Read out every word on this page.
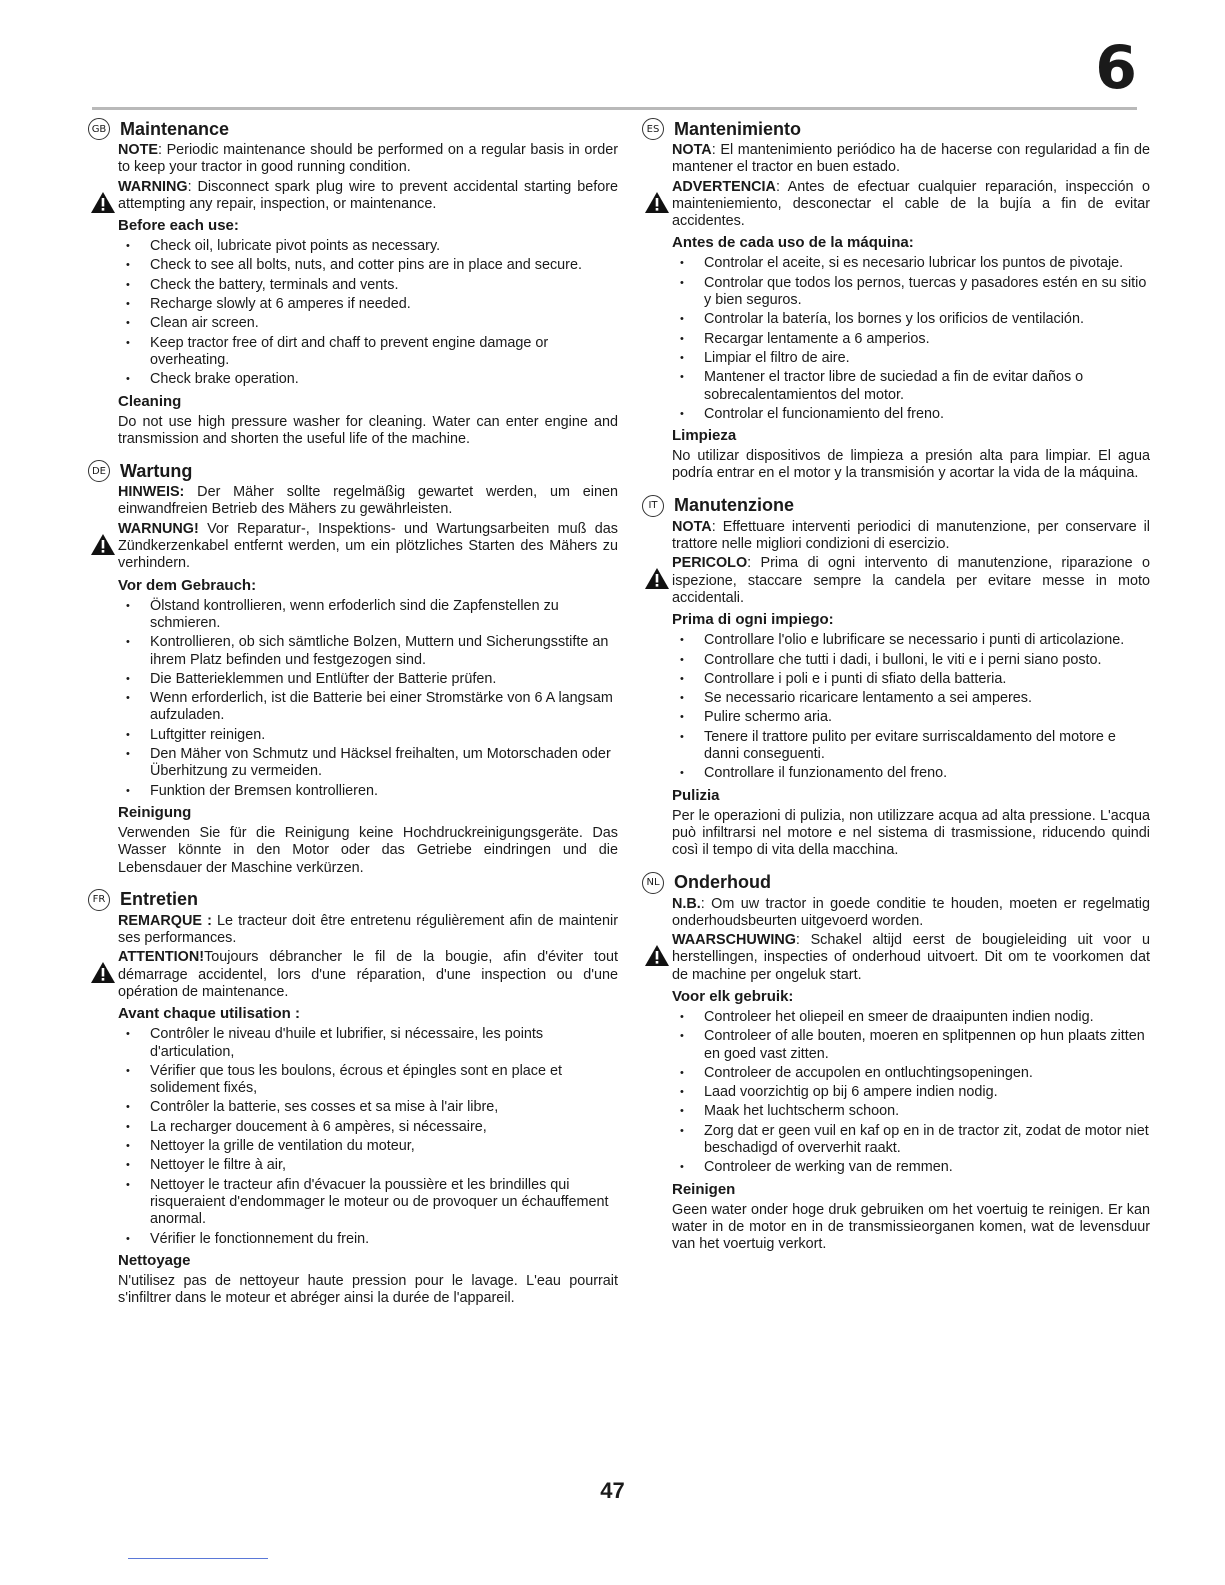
6
GB Maintenance

NOTE: Periodic maintenance should be performed on a regular basis in order to keep your tractor in good running condition.

WARNING: Disconnect spark plug wire to prevent accidental starting before attempting any repair, inspection, or maintenance.

Before each use:
• Check oil, lubricate pivot points as necessary.
• Check to see all bolts, nuts, and cotter pins are in place and secure.
• Check the battery, terminals and vents.
• Recharge slowly at 6 amperes if needed.
• Clean air screen.
• Keep tractor free of dirt and chaff to prevent engine damage or overheating.
• Check brake operation.
Cleaning

Do not use high pressure washer for cleaning. Water can enter engine and transmission and shorten the useful life of the machine.

DE Wartung

HINWEIS: Der Mäher sollte regelmäßig gewartet werden, um einen einwandfreien Betrieb des Mähers zu gewährleisten.

WARNUNG! Vor Reparatur-, Inspektions- und Wartungsarbeiten muß das Zündkerzenkabel entfernt werden, um ein plötzliches Starten des Mähers zu verhindern.

Vor dem Gebrauch:
• Ölstand kontrollieren, wenn erfoderlich sind die Zapfenstellen zu schmieren.
• Kontrollieren, ob sich sämtliche Bolzen, Muttern und Sicherungsstifte an ihrem Platz befinden und festgezogen sind.
• Die Batterieklemmen und Entlüfter der Batterie prüfen.
• Wenn erforderlich, ist die Batterie bei einer Stromstärke von 6 A langsam aufzuladen.
• Luftgitter reinigen.
• Den Mäher von Schmutz und Häcksel freihalten, um Motorschaden oder Überhitzung zu vermeiden.
• Funktion der Bremsen kontrollieren.
Reinigung

Verwenden Sie für die Reinigung keine Hochdruckreinigungsgeräte. Das Wasser könnte in den Motor oder das Getriebe eindringen und die Lebensdauer der Maschine verkürzen.

FR Entretien

REMARQUE : Le tracteur doit être entretenu régulièrement afin de maintenir ses performances.

ATTENTION!Toujours débrancher le fil de la bougie, afin d'éviter tout démarrage accidentel, lors d'une réparation, d'une inspection ou d'une opération de maintenance.

Avant chaque utilisation :
• Contrôler le niveau d'huile et lubrifier, si nécessaire, les points d'articulation,
• Vérifier que tous les boulons, écrous et épingles sont en place et solidement fixés,
• Contrôler la batterie, ses cosses et sa mise à l'air libre,
• La recharger doucement à 6 ampères, si nécessaire,
• Nettoyer la grille de ventilation du moteur,
• Nettoyer le filtre à air,
• Nettoyer le tracteur afin d'évacuer la poussière et les brindilles qui risqueraient d'endommager le moteur ou de provoquer un échauffement anormal.
• Vérifier le fonctionnement du frein.
Nettoyage

N'utilisez pas de nettoyeur haute pression pour le lavage. L'eau pourrait s'infiltrer dans le moteur et abréger ainsi la durée de l'appareil.

ES Mantenimiento

NOTA: El mantenimiento periódico ha de hacerse con regularidad a fin de mantener el tractor en buen estado.

ADVERTENCIA: Antes de efectuar cualquier reparación, inspección o mainteniemiento, desconectar el cable de la bujía a fin de evitar accidentes.

Antes de cada uso de la máquina:
• Controlar el aceite, si es necesario lubricar los puntos de pivotaje.
• Controlar que todos los pernos, tuercas y pasadores estén en su sitio y bien seguros.
• Controlar la batería, los bornes y los orificios de ventilación.
• Recargar lentamente a 6 amperios.
• Limpiar el filtro de aire.
• Mantener el tractor libre de suciedad a fin de evitar daños o sobrecalentamientos del motor.
• Controlar el funcionamiento del freno.
Limpieza

No utilizar dispositivos de limpieza a presión alta para limpiar. El agua podría entrar en el motor y la transmisión y acortar la vida de la máquina.

IT Manutenzione

NOTA: Effettuare interventi periodici di manutenzione, per conservare il trattore nelle migliori condizioni di esercizio.

PERICOLO: Prima di ogni intervento di manutenzione, riparazione o ispezione, staccare sempre la candela per evitare messe in moto accidentali.

Prima di ogni impiego:
• Controllare l'olio e lubrificare se necessario i punti di articolazione.
• Controllare che tutti i dadi, i bulloni, le viti e i perni siano posto.
• Controllare i poli e i punti di sfiato della batteria.
• Se necessario ricaricare lentamento a sei amperes.
• Pulire schermo aria.
• Tenere il trattore pulito per evitare surriscaldamento del motore e danni conseguenti.
• Controllare il funzionamento del freno.
Pulizia

Per le operazioni di pulizia, non utilizzare acqua ad alta pressione. L'acqua può infiltrarsi nel motore e nel sistema di trasmissione, riducendo quindi così il tempo di vita della macchina.

NL Onderhoud

N.B.: Om uw tractor in goede conditie te houden, moeten er regelmatig onderhoudsbeurten uitgevoerd worden.

WAARSCHUWING: Schakel altijd eerst de bougieleiding uit voor u herstellingen, inspecties of onderhoud uitvoert. Dit om te voorkomen dat de machine per ongeluk start.

Voor elk gebruik:
• Controleer het oliepeil en smeer de draaipunten indien nodig.
• Controleer of alle bouten, moeren en splitpennen op hun plaats zitten en goed vast zitten.
• Controleer de accupolen en ontluchtingsopeningen.
• Laad voorzichtig op bij 6 ampere indien nodig.
• Maak het luchtscherm schoon.
• Zorg dat er geen vuil en kaf op en in de tractor zit, zodat de motor niet beschadigd of oververhit raakt.
• Controleer de werking van de remmen.
Reinigen

Geen water onder hoge druk gebruiken om het voertuig te reinigen. Er kan water in de motor en in de transmissieorganen komen, wat de levensduur van het voertuig verkort.

47
